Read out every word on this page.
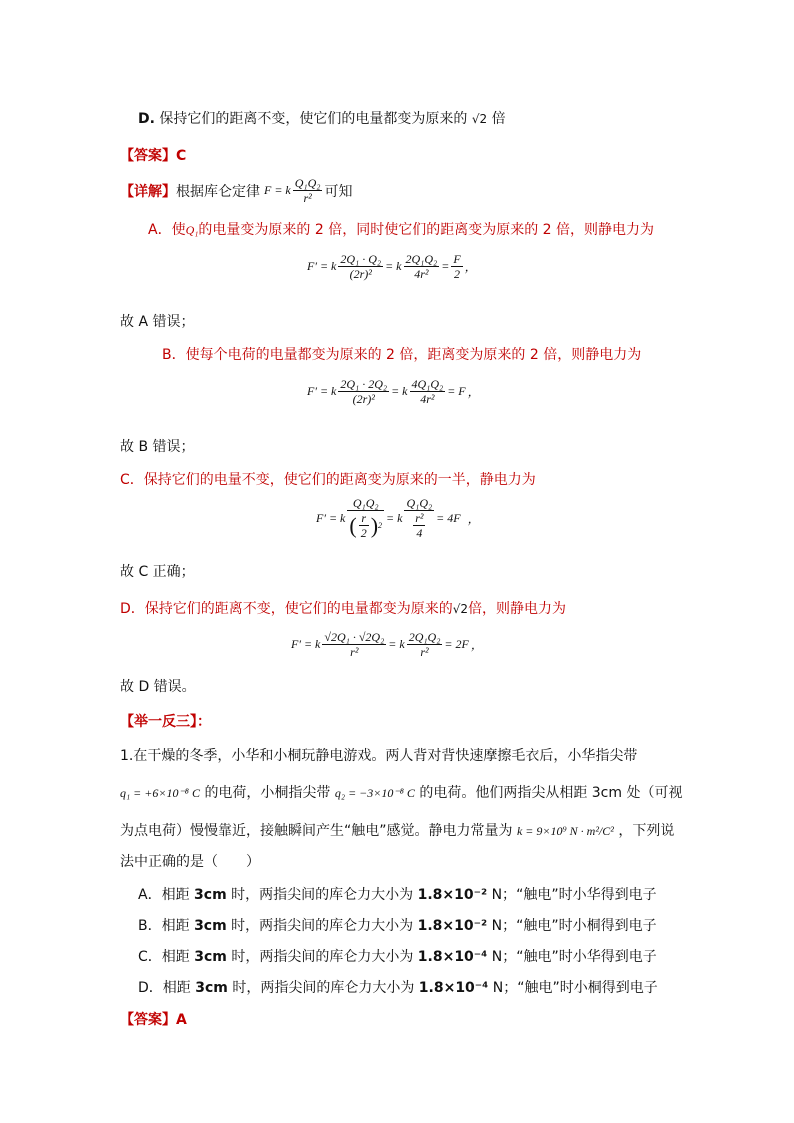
D. 保持它们的距离不变，使它们的电量都变为原来的 √2 倍
【答案】C
【详解】 根据库仑定律 F = k $\frac{\text{Q₁Q₂}}{\text{r²}}$ 可知
A．使Q₁的电量变为原来的 2 倍，同时使它们的距离变为原来的 2 倍，则静电力为
F′ = k $\frac{\text{2Q₁ · Q₂}}{\text{(2r)²}} = k \frac{\text{2Q₁Q₂}}{\text{4r²}} = \frac{F}{2}$ ，
故 A 错误；
B．使每个电荷的电量都变为原来的 2 倍，距离变为原来的 2 倍，则静电力为
F′ = k $\frac{\text{2Q₁ · 2Q₂}}{\text{(2r)²}} = k \frac{\text{4Q₁Q₂}}{\text{4r²}} = F$ ，
故 B 错误；
C．保持它们的电量不变，使它们的距离变为原来的一半，静电力为
F′ = k $\frac{\text{Q₁Q₂}}{( \frac{r}{2} ) 2} = k \frac{\text{Q₁Q₂}}{\frac{\text{r²}}{4}} = 4F$ ，
故 C 正确；
D．保持它们的距离不变，使它们的电量都变为原来的√2倍，则静电力为
F′ = k $\frac{\text{√2Q₁ · √2Q₂}}{\text{r²}} = k \frac{\text{2Q₁Q₂}}{\text{r²}} = 2F$ ，
故 D 错误。
【举一反三】：
1.在干燥的冬季，小华和小桐玩静电游戏。两人背对背快速摩擦毛衣后，小华指尖带
q₁ = +6×10⁻⁸ C 的电荷，小桐指尖带 q₂ = −3×10⁻⁸ C 的电荷。他们两指尖从相距 3cm 处（可视
为点电荷）慢慢靠近，接触瞬间产生“触电”感觉。静电力常量为 k = 9×10⁹ N · m²/C² ，下列说
法中正确的是（　　）
A．相距 3cm 时，两指尖间的库仑力大小为 1.8×10⁻² N；“触电”时小华得到电子
B．相距 3cm 时，两指尖间的库仑力大小为 1.8×10⁻² N；“触电”时小桐得到电子
C．相距 3cm 时，两指尖间的库仑力大小为 1.8×10⁻⁴ N；“触电”时小华得到电子
D．相距 3cm 时，两指尖间的库仑力大小为 1.8×10⁻⁴ N；“触电”时小桐得到电子
【答案】A
